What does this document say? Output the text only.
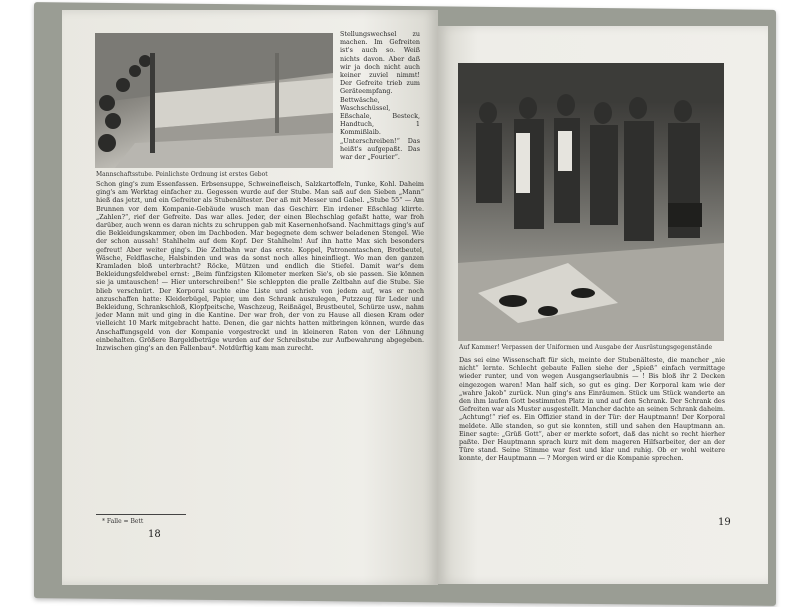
Mannschaftsstube. Peinlichste Ordnung ist erstes Gebot

Stellungswechsel zu machen. Im Gefreiten ist's auch so. Weiß nichts davon. Aber daß wir ja doch nicht auch keiner zuviel nimmt! Der Gefreite trieb zum Geräteempfang. Bettwäsche, Waschschüssel, Eßschale, Besteck, Handtuch, 1 Kommißlaib. „Unterschreiben!“ Das heißt's aufgepaßt. Das war der „Fourier“.

Schon ging's zum Essenfassen. Erbsensuppe, Schweinefleisch, Salzkartoffeln, Tunke, Kohl. Daheim ging's am Werktag einfacher zu. Gegessen wurde auf der Stube. Man saß auf den Sieben „Mann“ hieß das jetzt, und ein Gefreiter als Stubenältester. Der aß mit Messer und Gabel. „Stube 55“ — Am Brunnen vor dem Kompanie-Gebäude wusch man das Geschirr. Ein irdener Eßschlag klirrte. „Zahlen?“, rief der Gefreite. Das war alles. Jeder, der einen Blechschlag gefaßt hatte, war froh darüber, auch wenn es daran nichts zu schruppen gab mit Kasernenhofsand. Nachmittags ging's auf die Bekleidungskammer, oben im Dachboden. Mar begegnete dem schwer beladenen Stengel. Wie der schon aussah! Stahlhelm auf dem Kopf. Der Stahlhelm! Auf ihn hatte Max sich besonders gefreut! Aber weiter ging's. Die Zeltbahn war das erste. Koppel, Patronentaschen, Brotbeutel, Wäsche, Feldflasche, Halsbinden und was da sonst noch alles hineinfliegt. Wo man den ganzen Kramladen bloß unterbracht? Röcke, Mützen und endlich die Stiefel. Damit war's dem Bekleidungsfeldwebel ernst: „Beim fünfzigsten Kilometer merken Sie's, ob sie passen. Sie können sie ja umtauschen! — Hier unterschreiben!“ Sie schleppten die pralle Zeltbahn auf die Stube. Sie blieb verschnürt. Der Korporal suchte eine Liste und schrieb von jedem auf, was er noch anzuschaffen hatte: Kleiderbügel, Papier, um den Schrank auszulegen, Putzzeug für Leder und Bekleidung, Schrankschloß, Klopfpeitsche, Waschzeug, Reißnägel, Brustbeutel, Schürze usw., nahm jeder Mann mit und ging in die Kantine. Der war froh, der von zu Hause all diesen Kram oder vielleicht 10 Mark mitgebracht hatte. Denen, die gar nichts hatten mitbringen können, wurde das Anschaffungsgeld von der Kompanie vorgestreckt und in kleineren Raten von der Löhnung einbehalten. Größere Bargeldbeträge wurden auf der Schreibstube zur Aufbewahrung abgegeben. Inzwischen ging's an den Fallenbau*. Notdürftig kam man zurecht.

* Falle = Bett
18
Auf Kammer! Verpassen der Uniformen und Ausgabe der Ausrüstungsgegenstände

Das sei eine Wissenschaft für sich, meinte der Stubenälteste, die mancher „nie nicht“ lernte. Schlecht gebaute Fallen siehe der „Spieß“ einfach vermittage wieder runter, und von wegen Ausgangserlaubnis — ! Bis bloß ihr 2 Decken eingezogen waren! Man half sich, so gut es ging. Der Korporal kam wie der „wahre Jakob“ zurück. Nun ging's ans Einräumen. Stück um Stück wanderte an den ihm laufen Gott bestimmten Platz in und auf den Schrank. Der Schrank des Gefreiten war als Muster ausgestellt. Mancher dachte an seinen Schrank daheim. „Achtung!“ rief es. Ein Offizier stand in der Tür: der Hauptmann! Der Korporal meldete. Alle standen, so gut sie konnten, still und sahen den Hauptmann an. Einer sagte: „Grüß Gott“, aber er merkte sofort, daß das nicht so recht hierher paßte. Der Hauptmann sprach kurz mit dem mageren Hilfsarbeiter, der an der Türe stand. Seine Stimme war fest und klar und ruhig. Ob er wohl weitere konnte, der Hauptmann — ? Morgen wird er die Kompanie sprechen.

19
